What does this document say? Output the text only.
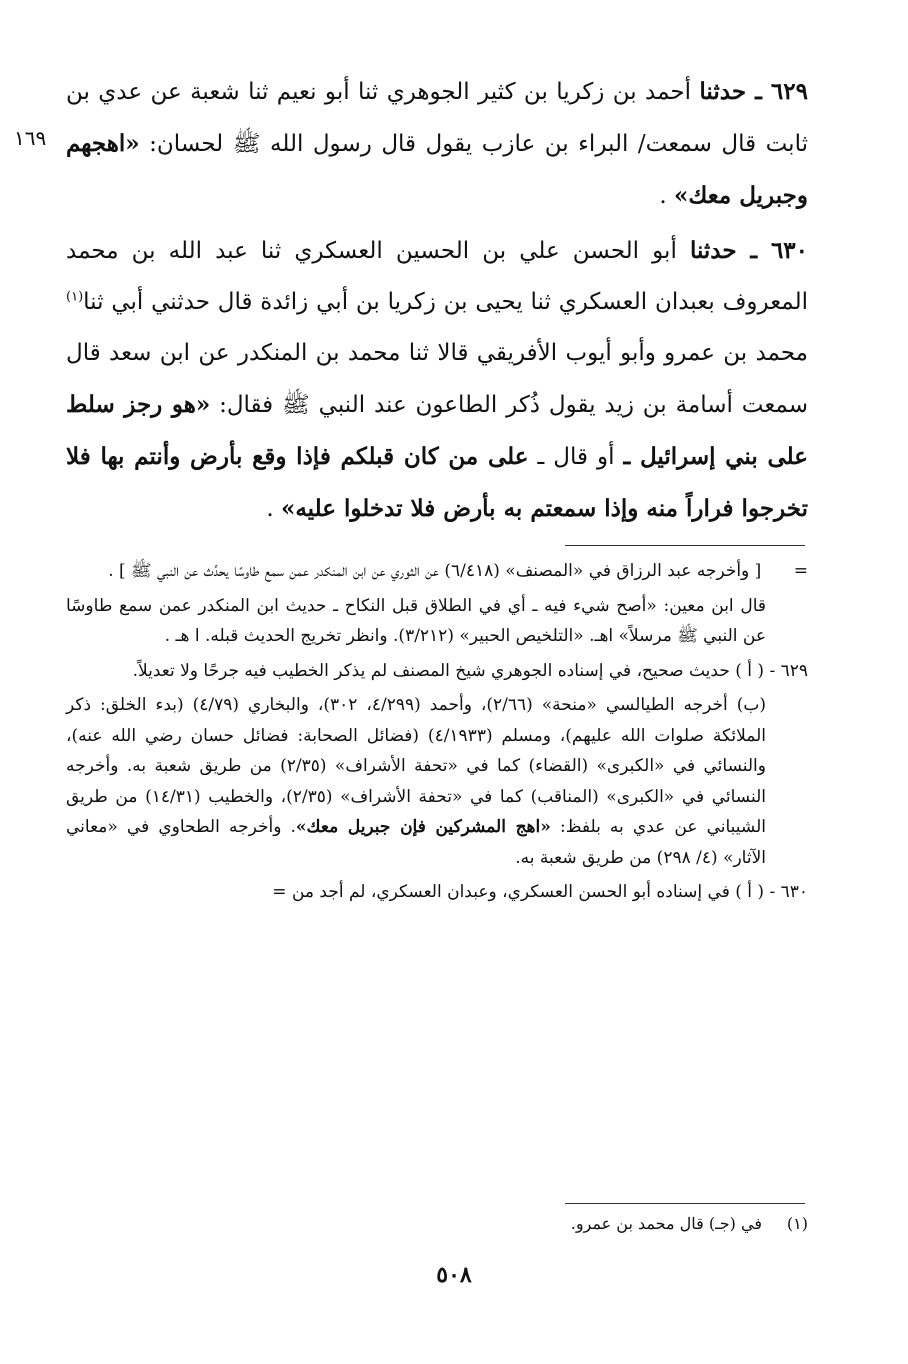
١٦٩

٦٢٩ ـ حدثنا أحمد بن زكريا بن كثير الجوهري ثنا أبو نعيم ثنا شعبة عن عدي بن ثابت قال سمعت/ البراء بن عازب يقول قال رسول الله ﷺ لحسان: «اهجهم وجبريل معك» .

٦٣٠ ـ حدثنا أبو الحسن علي بن الحسين العسكري ثنا عبد الله بن محمد المعروف بعبدان العسكري ثنا يحيى بن زكريا بن أبي زائدة قال حدثني أبي ثنا$^{(١)}$ محمد بن عمرو وأبو أيوب الأفريقي قالا ثنا محمد بن المنكدر عن ابن سعد قال سمعت أسامة بن زيد يقول ذُكر الطاعون عند النبي ﷺ فقال: «هو رجز سلط على بني إسرائيل ـ أو قال ـ على من كان قبلكم فإذا وقع بأرض وأنتم بها فلا تخرجوا فراراً منه وإذا سمعتم به بأرض فلا تدخلوا عليه» .

=      [ وأخرجه عبد الرزاق في «المصنف» (٦/٤١٨) عن الثوري عن ابن المنكدر عمن سمع طاوسًا يحدِّث عن النبي ﷺ ] .
قال ابن معين: «أصح شيء فيه ـ أي في الطلاق قبل النكاح ـ حديث ابن المنكدر عمن سمع طاوسًا عن النبي ﷺ مرسلاً» اهـ. «التلخيص الحبير» (٣/٢١٢). وانظر تخريج الحديث قبله. ا هـ .
٦٢٩ - ( أ ) حديث صحيح، في إسناده الجوهري شيخ المصنف لم يذكر الخطيب فيه جرحًا ولا تعديلاً.
(ب) أخرجه الطيالسي «منحة» (٢/٦٦)، وأحمد (٤/٢٩٩، ٣٠٢)، والبخاري (٤/٧٩) (بدء الخلق: ذكر الملائكة صلوات الله عليهم)، ومسلم (٤/١٩٣٣) (فضائل الصحابة: فضائل حسان رضي الله عنه)، والنسائي في «الكبرى» (القضاء) كما في «تحفة الأشراف» (٢/٣٥) من طريق شعبة به. وأخرجه النسائي في «الكبرى» (المناقب) كما في «تحفة الأشراف» (٢/٣٥)، والخطيب (١٤/٣١) من طريق الشيباني عن عدي به بلفظ: «اهج المشركين فإن جبريل معك». وأخرجه الطحاوي في «معاني الآثار» (٤/ ٢٩٨) من طريق شعبة به.
٦٣٠ - ( أ ) في إسناده أبو الحسن العسكري، وعبدان العسكري، لم أجد من =
(١)في (جـ) قال محمد بن عمرو.
٥٠٨
